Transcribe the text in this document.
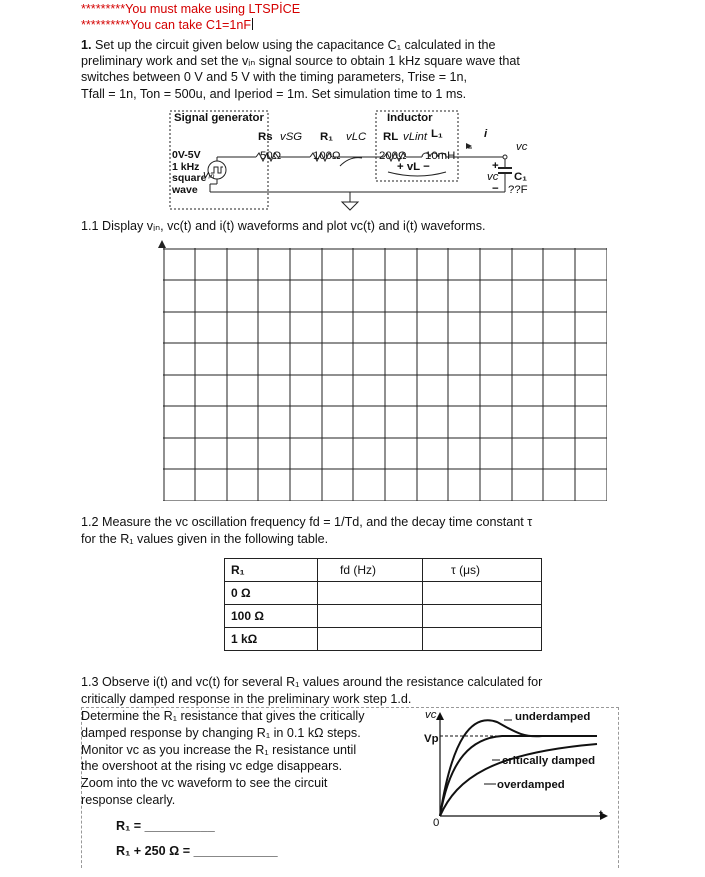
*********You must make using LTSPİCE
**********You can take C1=1nF
1. Set up the circuit given below using the capacitance C₁ calculated in the
preliminary work and set the vᵢₙ signal source to obtain 1 kHz square wave that
switches between 0 V and 5 V with the timing parameters, Trise = 1n,
Tfall = 1n, Ton = 500u, and Iperiod = 1m. Set simulation time to 1 ms.
Signal generator	Inductor
0V-5V
1 kHz
square
wave
vᵢₙ
Rs
50Ω
vSG R₁
100Ω
vLC RL
200Ω
vLint L₁
10mH
+ vL −
i
vc
+
vc C₁
− ??F
1.1 Display vᵢₙ, vc(t) and i(t) waveforms and plot vc(t) and i(t) waveforms.
1.2 Measure the vc oscillation frequency fd = 1/Td, and the decay time constant τ
for the R₁ values given in the following table.
R₁	fd (Hz)	τ (μs)
0 Ω		
100 Ω		
1 kΩ		
1.3 Observe i(t) and vc(t) for several R₁ values around the resistance calculated for
critically damped response in the preliminary work step 1.d.
Determine the R₁ resistance that gives the critically
damped response by changing R₁ in 0.1 kΩ steps.
Monitor vc as you increase the R₁ resistance until
the overshoot at the rising vc edge disappears.
Zoom into the vc waveform to see the circuit
response clearly.
R₁ = __________
R₁ + 250 Ω = ____________
vc
Vp
0
t
underdamped
critically damped
overdamped
